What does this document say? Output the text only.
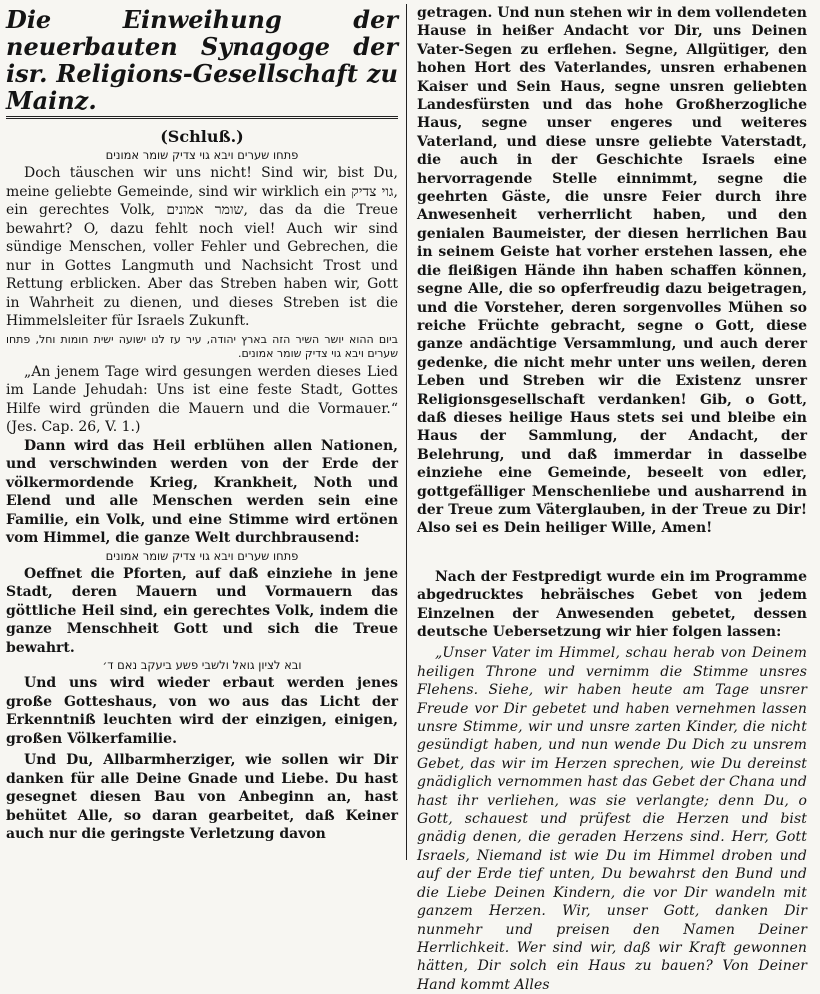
Die Einweihung der neuerbauten Synagoge der isr. Religions-Gesellschaft zu Mainz.
(Schluß.)
פתחו שערים ויבא גוי צדיק שומר אמונים

Doch täuschen wir uns nicht! Sind wir, bist Du, meine geliebte Gemeinde, sind wir wirklich ein גוי צדיק, ein gerechtes Volk, שומר אמונים, das da die Treue bewahrt? O, dazu fehlt noch viel! Auch wir sind sündige Menschen, voller Fehler und Gebrechen, die nur in Gottes Langmuth und Nachsicht Trost und Rettung erblicken. Aber das Streben haben wir, Gott in Wahrheit zu dienen, und dieses Streben ist die Himmelsleiter für Israels Zukunft.

ביום ההוא יושר השיר הזה בארץ יהודה, עיר עז לנו ישועה ישית חומות וחל, פתחו שערים ויבא גוי צדיק שומר אמונים.

„An jenem Tage wird gesungen werden dieses Lied im Lande Jehudah: Uns ist eine feste Stadt, Gottes Hilfe wird gründen die Mauern und die Vormauer.“ (Jes. Cap. 26, V. 1.)

Dann wird das Heil erblühen allen Nationen, und verschwinden werden von der Erde der völkermordende Krieg, Krankheit, Noth und Elend und alle Menschen werden sein eine Familie, ein Volk, und eine Stimme wird ertönen vom Himmel, die ganze Welt durchbrausend:

פתחו שערים ויבא גוי צדיק שומר אמונים

Oeffnet die Pforten, auf daß einziehe in jene Stadt, deren Mauern und Vormauern das göttliche Heil sind, ein gerechtes Volk, indem die ganze Menschheit Gott und sich die Treue bewahrt.

ובא לציון גואל ולשבי פשע ביעקב נאם ד׳

Und uns wird wieder erbaut werden jenes große Gotteshaus, von wo aus das Licht der Erkenntniß leuchten wird der einzigen, einigen, großen Völkerfamilie.

Und Du, Allbarmherziger, wie sollen wir Dir danken für alle Deine Gnade und Liebe. Du hast gesegnet diesen Bau von Anbeginn an, hast behütet Alle, so daran gearbeitet, daß Keiner auch nur die geringste Verletzung davon

getragen. Und nun stehen wir in dem vollendeten Hause in heißer Andacht vor Dir, uns Deinen Vater-Segen zu erflehen. Segne, Allgütiger, den hohen Hort des Vaterlandes, unsren erhabenen Kaiser und Sein Haus, segne unsren geliebten Landesfürsten und das hohe Großherzogliche Haus, segne unser engeres und weiteres Vaterland, und diese unsre geliebte Vaterstadt, die auch in der Geschichte Israels eine hervorragende Stelle einnimmt, segne die geehrten Gäste, die unsre Feier durch ihre Anwesenheit verherrlicht haben, und den genialen Baumeister, der diesen herrlichen Bau in seinem Geiste hat vorher erstehen lassen, ehe die fleißigen Hände ihn haben schaffen können, segne Alle, die so opferfreudig dazu beigetragen, und die Vorsteher, deren sorgenvolles Mühen so reiche Früchte gebracht, segne o Gott, diese ganze andächtige Versammlung, und auch derer gedenke, die nicht mehr unter uns weilen, deren Leben und Streben wir die Existenz unsrer Religionsgesellschaft verdanken! Gib, o Gott, daß dieses heilige Haus stets sei und bleibe ein Haus der Sammlung, der Andacht, der Belehrung, und daß immerdar in dasselbe einziehe eine Gemeinde, beseelt von edler, gottgefälliger Menschenliebe und ausharrend in der Treue zum Väterglauben, in der Treue zu Dir! Also sei es Dein heiliger Wille, Amen!

Nach der Festpredigt wurde ein im Programme abgedrucktes hebräisches Gebet von jedem Einzelnen der Anwesenden gebetet, dessen deutsche Uebersetzung wir hier folgen lassen:

„Unser Vater im Himmel, schau herab von Deinem heiligen Throne und vernimm die Stimme unsres Flehens. Siehe, wir haben heute am Tage unsrer Freude vor Dir gebetet und haben vernehmen lassen unsre Stimme, wir und unsre zarten Kinder, die nicht gesündigt haben, und nun wende Du Dich zu unsrem Gebet, das wir im Herzen sprechen, wie Du dereinst gnädiglich vernommen hast das Gebet der Chana und hast ihr verliehen, was sie verlangte; denn Du, o Gott, schauest und prüfest die Herzen und bist gnädig denen, die geraden Herzens sind. Herr, Gott Israels, Niemand ist wie Du im Himmel droben und auf der Erde tief unten, Du bewahrst den Bund und die Liebe Deinen Kindern, die vor Dir wandeln mit ganzem Herzen. Wir, unser Gott, danken Dir nunmehr und preisen den Namen Deiner Herrlichkeit. Wer sind wir, daß wir Kraft gewonnen hätten, Dir solch ein Haus zu bauen? Von Deiner Hand kommt Alles
